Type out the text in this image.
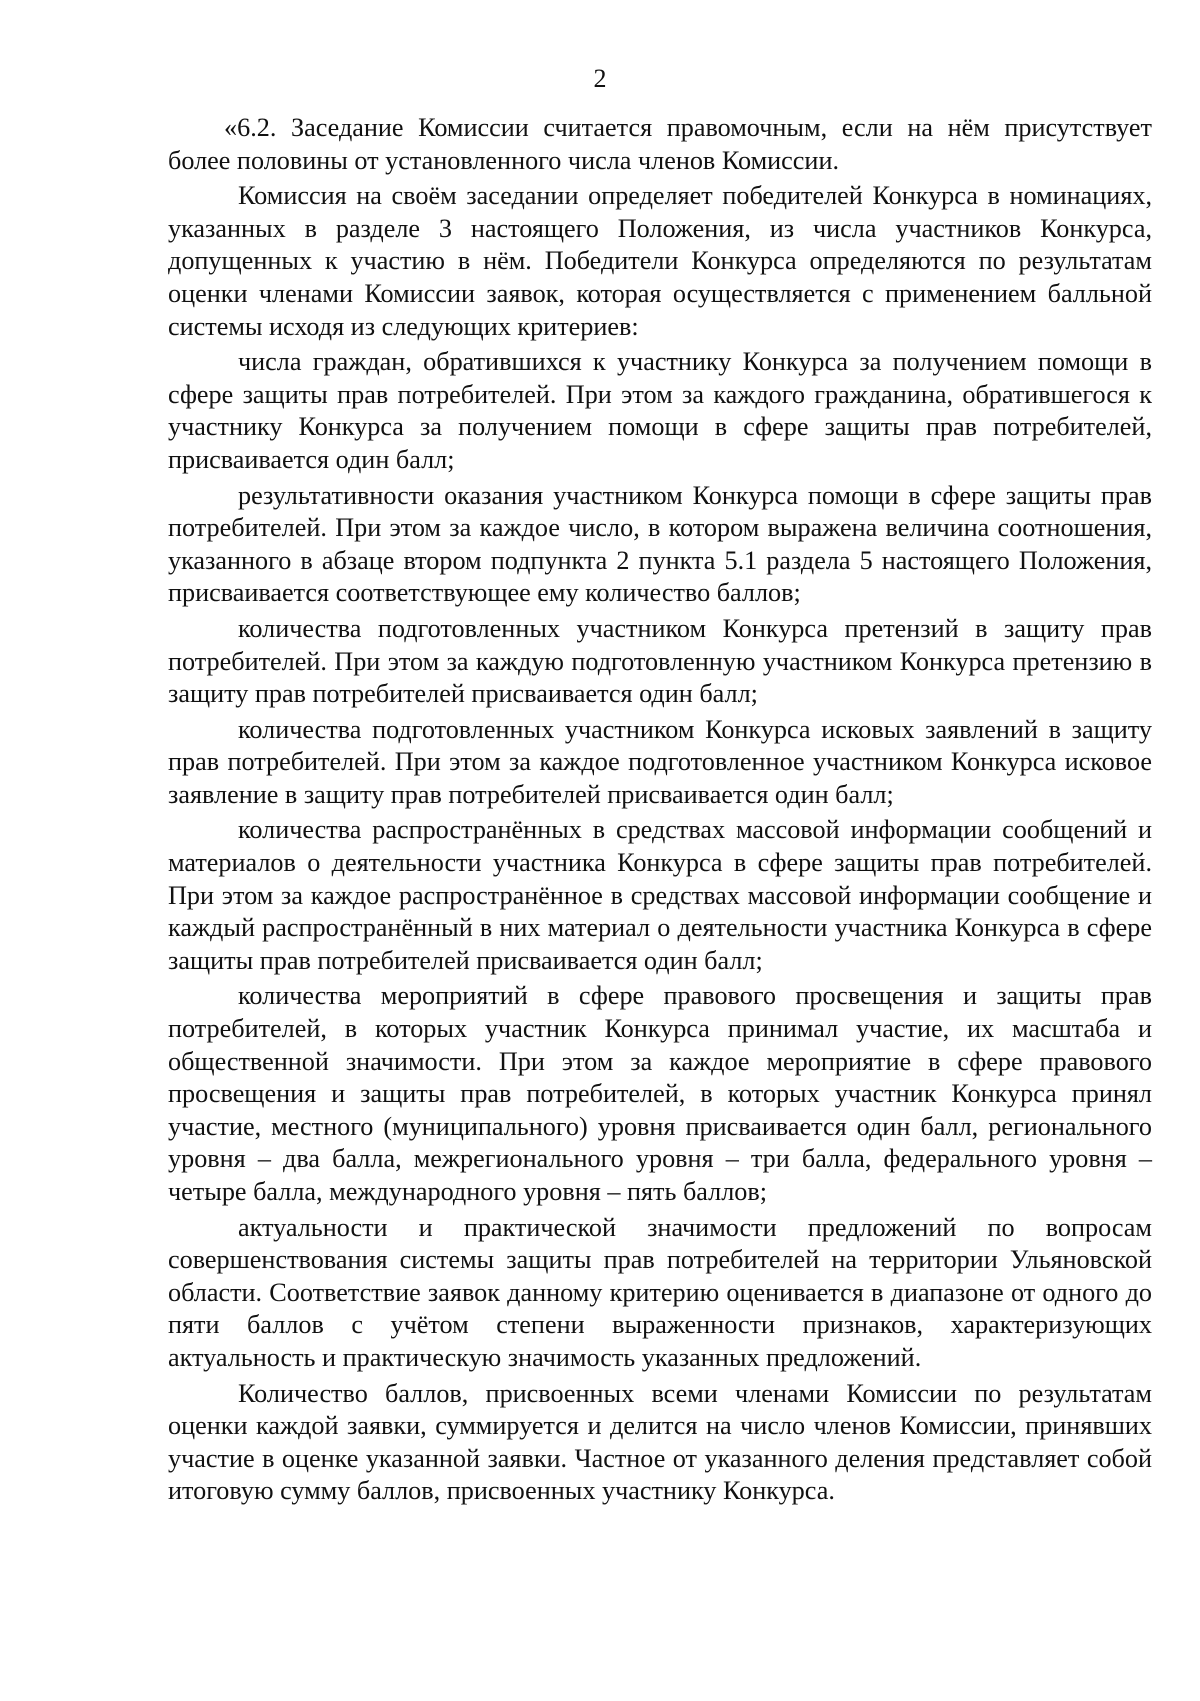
2

«6.2. Заседание Комиссии считается правомочным, если на нём присутствует более половины от установленного числа членов Комиссии.

Комиссия на своём заседании определяет победителей Конкурса в номинациях, указанных в разделе 3 настоящего Положения, из числа участников Конкурса, допущенных к участию в нём. Победители Конкурса определяются по результатам оценки членами Комиссии заявок, которая осуществляется с применением балльной системы исходя из следующих критериев:

числа граждан, обратившихся к участнику Конкурса за получением помощи в сфере защиты прав потребителей. При этом за каждого гражданина, обратившегося к участнику Конкурса за получением помощи в сфере защиты прав потребителей, присваивается один балл;

результативности оказания участником Конкурса помощи в сфере защиты прав потребителей. При этом за каждое число, в котором выражена величина соотношения, указанного в абзаце втором подпункта 2 пункта 5.1 раздела 5 настоящего Положения, присваивается соответствующее ему количество баллов;

количества подготовленных участником Конкурса претензий в защиту прав потребителей. При этом за каждую подготовленную участником Конкурса претензию в защиту прав потребителей присваивается один балл;

количества подготовленных участником Конкурса исковых заявлений в защиту прав потребителей. При этом за каждое подготовленное участником Конкурса исковое заявление в защиту прав потребителей присваивается один балл;

количества распространённых в средствах массовой информации сообщений и материалов о деятельности участника Конкурса в сфере защиты прав потребителей. При этом за каждое распространённое в средствах массовой информации сообщение и каждый распространённый в них материал о деятельности участника Конкурса в сфере защиты прав потребителей присваивается один балл;

количества мероприятий в сфере правового просвещения и защиты прав потребителей, в которых участник Конкурса принимал участие, их масштаба и общественной значимости. При этом за каждое мероприятие в сфере правового просвещения и защиты прав потребителей, в которых участник Конкурса принял участие, местного (муниципального) уровня присваивается один балл, регионального уровня – два балла, межрегионального уровня – три балла, федерального уровня – четыре балла, международного уровня – пять баллов;

актуальности и практической значимости предложений по вопросам совершенствования системы защиты прав потребителей на территории Ульяновской области. Соответствие заявок данному критерию оценивается в диапазоне от одного до пяти баллов с учётом степени выраженности признаков, характеризующих актуальность и практическую значимость указанных предложений.

Количество баллов, присвоенных всеми членами Комиссии по результатам оценки каждой заявки, суммируется и делится на число членов Комиссии, принявших участие в оценке указанной заявки. Частное от указанного деления представляет собой итоговую сумму баллов, присвоенных участнику Конкурса.
